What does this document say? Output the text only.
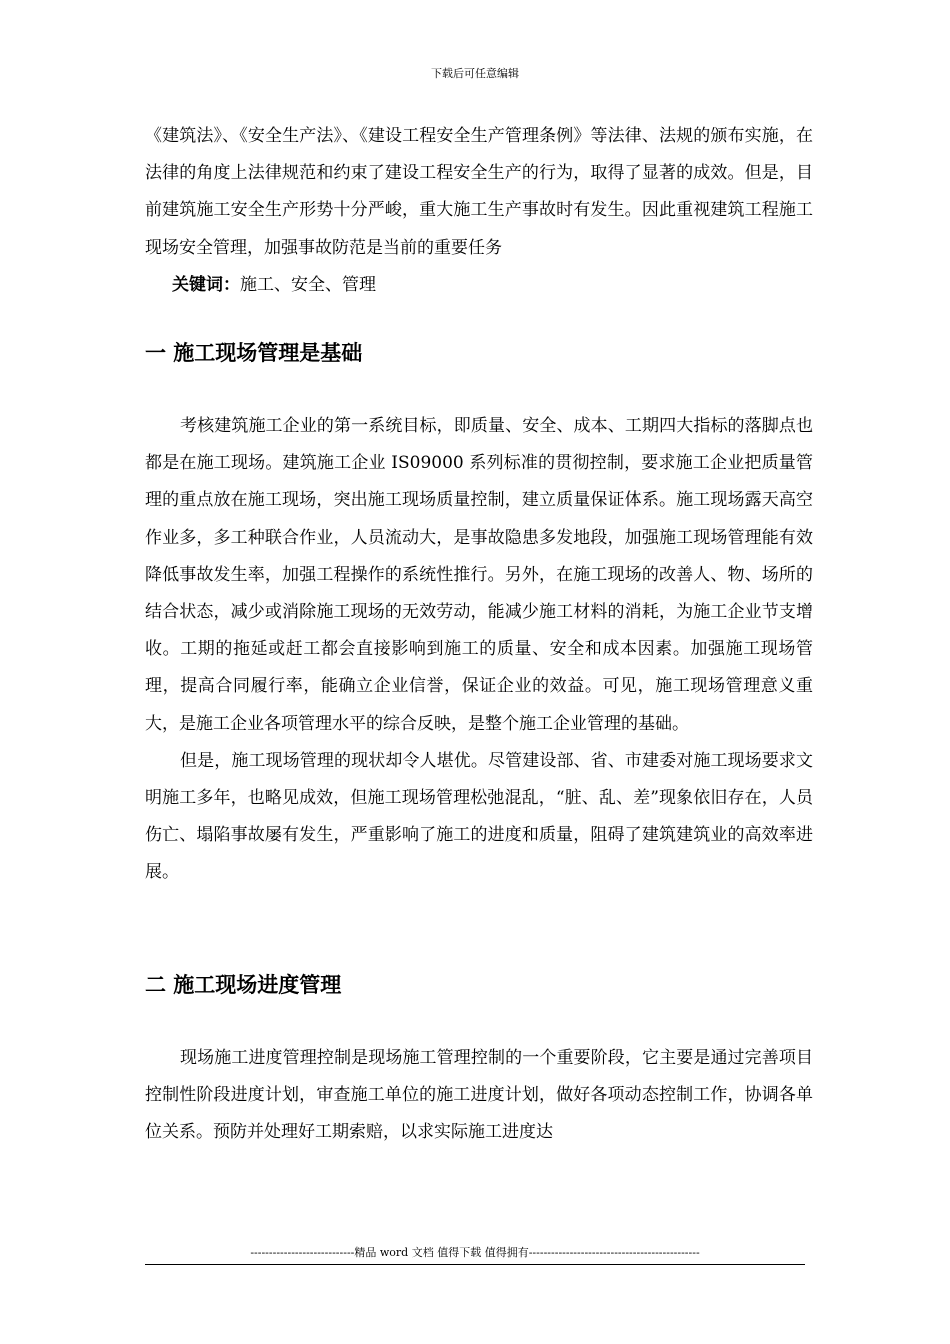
下载后可任意编辑

《建筑法》、《安全生产法》、《建设工程安全生产管理条例》等法律、法规的颁布实施，在法律的角度上法律规范和约束了建设工程安全生产的行为，取得了显著的成效。但是，目前建筑施工安全生产形势十分严峻，重大施工生产事故时有发生。因此重视建筑工程施工现场安全管理，加强事故防范是当前的重要任务

关键词：施工、安全、管理

一 施工现场管理是基础

考核建筑施工企业的第一系统目标，即质量、安全、成本、工期四大指标的落脚点也都是在施工现场。建筑施工企业 IS09000 系列标准的贯彻控制，要求施工企业把质量管理的重点放在施工现场，突出施工现场质量控制，建立质量保证体系。施工现场露天高空作业多，多工种联合作业，人员流动大，是事故隐患多发地段，加强施工现场管理能有效降低事故发生率，加强工程操作的系统性推行。另外，在施工现场的改善人、物、场所的结合状态，减少或消除施工现场的无效劳动，能减少施工材料的消耗，为施工企业节支增收。工期的拖延或赶工都会直接影响到施工的质量、安全和成本因素。加强施工现场管理，提高合同履行率，能确立企业信誉，保证企业的效益。可见，施工现场管理意义重大，是施工企业各项管理水平的综合反映，是整个施工企业管理的基础。

但是，施工现场管理的现状却令人堪优。尽管建设部、省、市建委对施工现场要求文明施工多年，也略见成效，但施工现场管理松弛混乱，“脏、乱、差”现象依旧存在，人员伤亡、塌陷事故屡有发生，严重影响了施工的进度和质量，阻碍了建筑建筑业的高效率进展。

二 施工现场进度管理

现场施工进度管理控制是现场施工管理控制的一个重要阶段，它主要是通过完善项目控制性阶段进度计划，审查施工单位的施工进度计划，做好各项动态控制工作，协调各单位关系。预防并处理好工期索赔，以求实际施工进度达

----------------------------精品 word 文档 值得下载 值得拥有----------------------------------------------
